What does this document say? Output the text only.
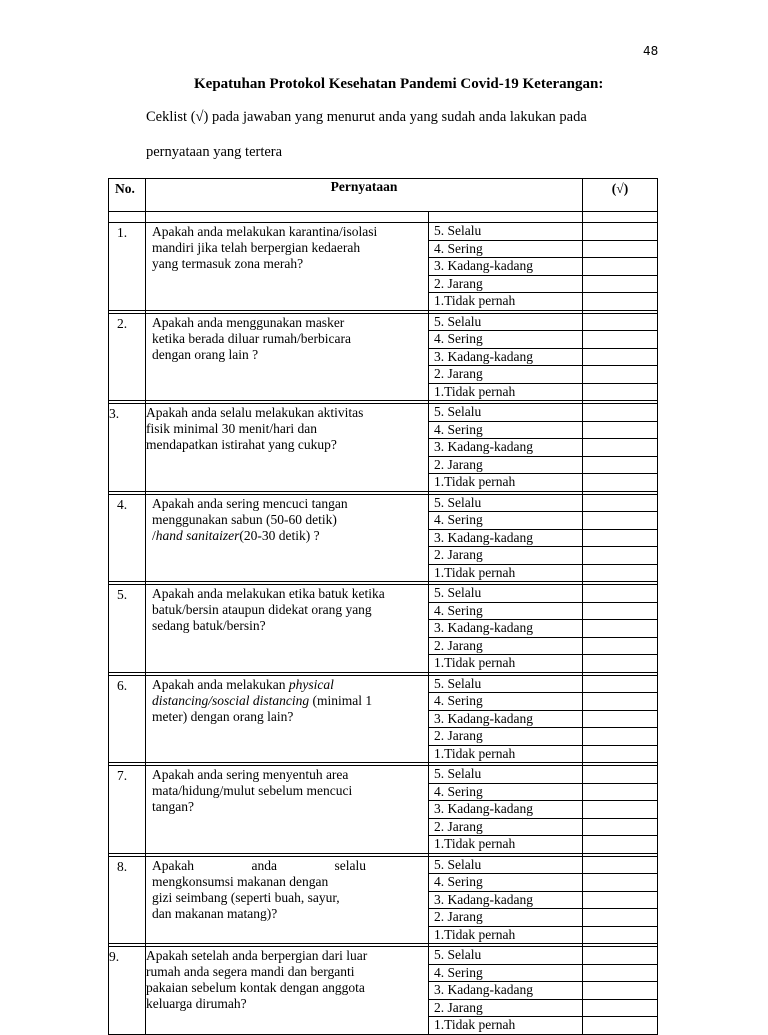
48
Kepatuhan Protokol Kesehatan Pandemi Covid-19 Keterangan:
Ceklist (√) pada jawaban yang menurut anda yang sudah anda lakukan pada
pernyataan yang tertera
No.	Pernyataan		(√)

1.	Apakah anda melakukan karantina/isolasi
mandiri jika telah berpergian kedaerah
yang termasuk zona merah?	5. Selalu	
		4. Sering	
		3. Kadang-kadang	
		2. Jarang	
		1.Tidak pernah	

2.	Apakah anda menggunakan masker
ketika berada diluar rumah/berbicara
dengan orang lain ?	5. Selalu	
		4. Sering	
		3. Kadang-kadang	
		2. Jarang	
		1.Tidak pernah	

3.	Apakah anda selalu melakukan aktivitas
fisik minimal 30 menit/hari dan
mendapatkan istirahat yang cukup?	5. Selalu	
		4. Sering	
		3. Kadang-kadang	
		2. Jarang	
		1.Tidak pernah	

4.	Apakah anda sering mencuci tangan
menggunakan sabun (50-60 detik)
/hand sanitaizer(20-30 detik) ?	5. Selalu	
		4. Sering	
		3. Kadang-kadang	
		2. Jarang	
		1.Tidak pernah	

5.	Apakah anda melakukan etika batuk ketika
batuk/bersin ataupun didekat orang yang
sedang batuk/bersin?	5. Selalu	
		4. Sering	
		3. Kadang-kadang	
		2. Jarang	
		1.Tidak pernah	

6.	Apakah anda melakukan physical
distancing/soscial distancing (minimal 1
meter) dengan orang lain?	5. Selalu	
		4. Sering	
		3. Kadang-kadang	
		2. Jarang	
		1.Tidak pernah	

7.	Apakah anda sering menyentuh area
mata/hidung/mulut sebelum mencuci
tangan?	5. Selalu	
		4. Sering	
		3. Kadang-kadang	
		2. Jarang	
		1.Tidak pernah	

8.	Apakah anda selalu
mengkonsumsi makanan dengan
gizi seimbang (seperti buah, sayur,
dan makanan matang)?	5. Selalu	
		4. Sering	
		3. Kadang-kadang	
		2. Jarang	
		1.Tidak pernah	

9.	Apakah setelah anda berpergian dari luar
rumah anda segera mandi dan berganti
pakaian sebelum kontak dengan anggota
keluarga dirumah?	5. Selalu	
		4. Sering	
		3. Kadang-kadang	
		2. Jarang	
		1.Tidak pernah	
